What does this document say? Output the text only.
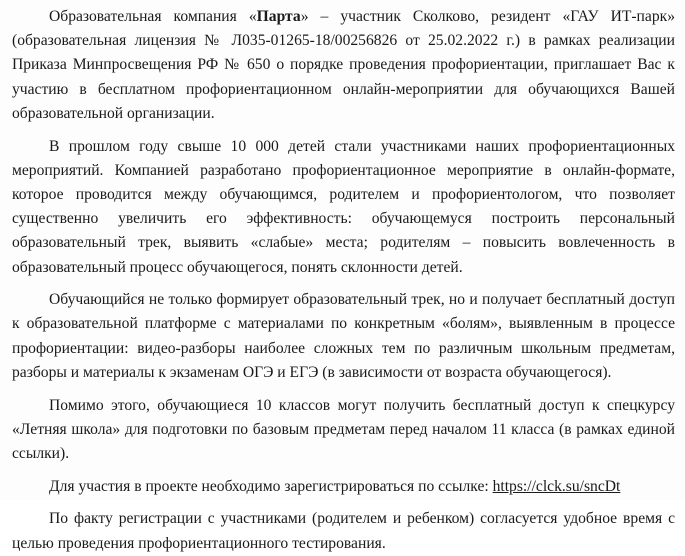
Образовательная компания «Парта» – участник Сколково, резидент «ГАУ ИТ-парк» (образовательная лицензия № Л035-01265-18/00256826 от 25.02.2022 г.) в рамках реализации Приказа Минпросвещения РФ № 650 о порядке проведения профориентации, приглашает Вас к участию в бесплатном профориентационном онлайн-мероприятии для обучающихся Вашей образовательной организации.

В прошлом году свыше 10 000 детей стали участниками наших профориентационных мероприятий. Компанией разработано профориентационное мероприятие в онлайн-формате, которое проводится между обучающимся, родителем и профориентологом, что позволяет существенно увеличить его эффективность: обучающемуся построить персональный образовательный трек, выявить «слабые» места; родителям – повысить вовлеченность в образовательный процесс обучающегося, понять склонности детей.

Обучающийся не только формирует образовательный трек, но и получает бесплатный доступ к образовательной платформе с материалами по конкретным «болям», выявленным в процессе профориентации: видео-разборы наиболее сложных тем по различным школьным предметам, разборы и материалы к экзаменам ОГЭ и ЕГЭ (в зависимости от возраста обучающегося).

Помимо этого, обучающиеся 10 классов могут получить бесплатный доступ к спецкурсу «Летняя школа» для подготовки по базовым предметам перед началом 11 класса (в рамках единой ссылки).

Для участия в проекте необходимо зарегистрироваться по ссылке: https://clck.su/sncDt

По факту регистрации с участниками (родителем и ребенком) согласуется удобное время с целью проведения профориентационного тестирования.
